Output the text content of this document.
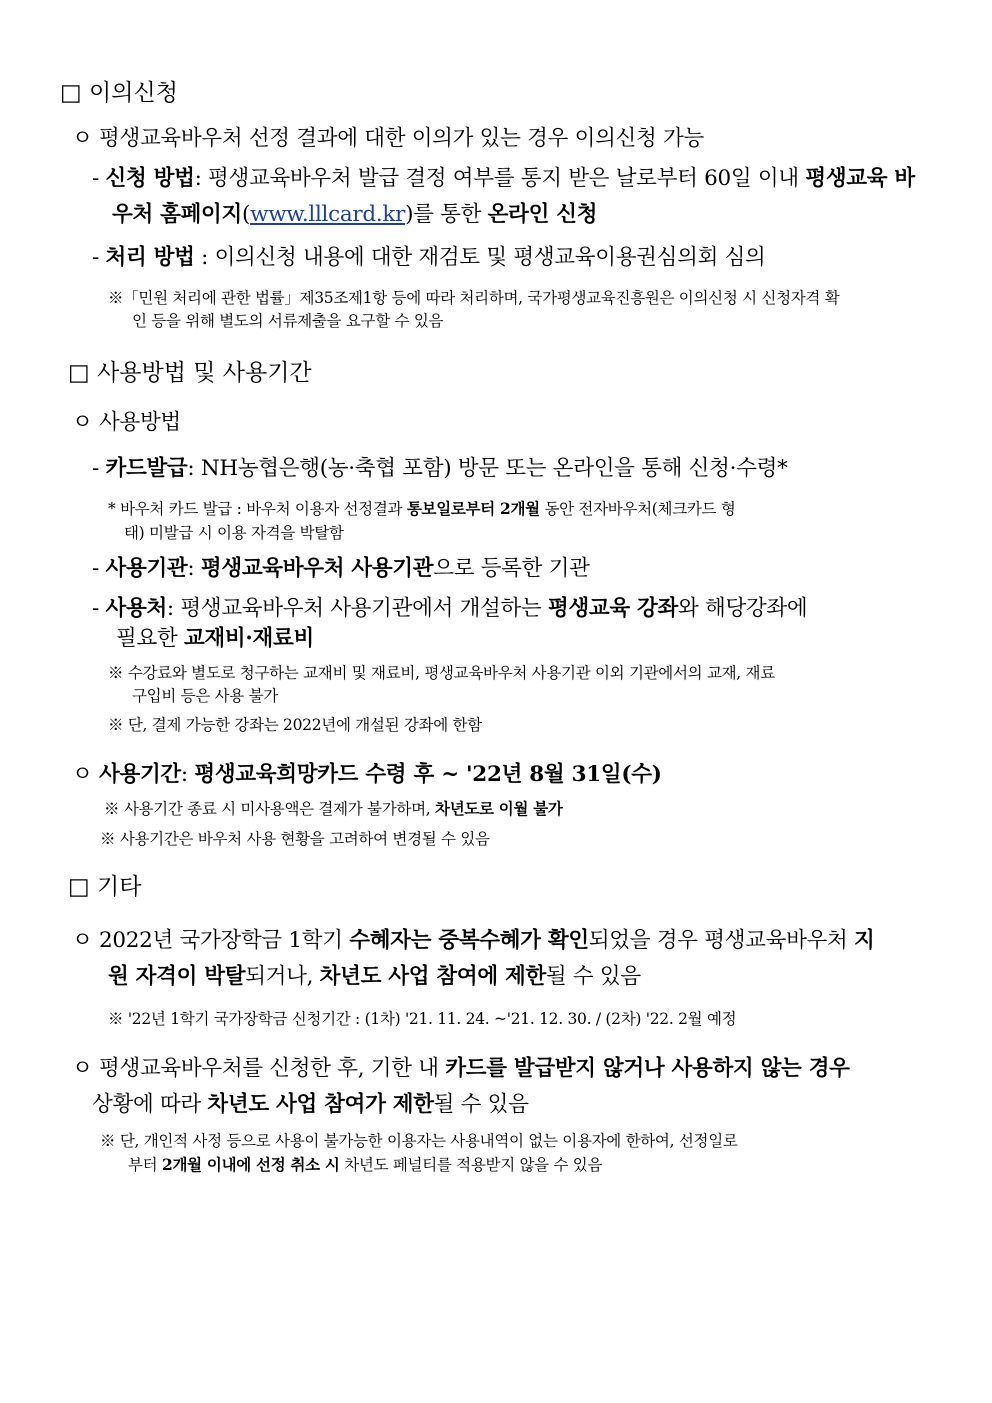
□ 이의신청
ㅇ 평생교육바우처 선정 결과에 대한 이의가 있는 경우 이의신청 가능
- 신청 방법: 평생교육바우처 발급 결정 여부를 통지 받은 날로부터 60일 이내 평생교육 바
우처 홈페이지(www.lllcard.kr)를 통한 온라인 신청
- 처리 방법 : 이의신청 내용에 대한 재검토 및 평생교육이용권심의회 심의
※「민원 처리에 관한 법률」제35조제1항 등에 따라 처리하며, 국가평생교육진흥원은 이의신청 시 신청자격 확
인 등을 위해 별도의 서류제출을 요구할 수 있음
□ 사용방법 및 사용기간
ㅇ 사용방법
- 카드발급: NH농협은행(농·축협 포함) 방문 또는 온라인을 통해 신청·수령*
* 바우처 카드 발급 : 바우처 이용자 선정결과 통보일로부터 2개월 동안 전자바우처(체크카드 형
태) 미발급 시 이용 자격을 박탈함
- 사용기관: 평생교육바우처 사용기관으로 등록한 기관
- 사용처: 평생교육바우처 사용기관에서 개설하는 평생교육 강좌와 해당강좌에
필요한 교재비·재료비
※ 수강료와 별도로 청구하는 교재비 및 재료비, 평생교육바우처 사용기관 이외 기관에서의 교재, 재료
구입비 등은 사용 불가
※ 단, 결제 가능한 강좌는 2022년에 개설된 강좌에 한함
ㅇ 사용기간: 평생교육희망카드 수령 후 ~ '22년 8월 31일(수)
※ 사용기간 종료 시 미사용액은 결제가 불가하며, 차년도로 이월 불가
※ 사용기간은 바우처 사용 현황을 고려하여 변경될 수 있음
□ 기타
ㅇ 2022년 국가장학금 1학기 수혜자는 중복수혜가 확인되었을 경우 평생교육바우처 지
원 자격이 박탈되거나, 차년도 사업 참여에 제한될 수 있음
※ '22년 1학기 국가장학금 신청기간 : (1차) '21. 11. 24. ~'21. 12. 30. / (2차) '22. 2월 예정
ㅇ 평생교육바우처를 신청한 후, 기한 내 카드를 발급받지 않거나 사용하지 않는 경우
상황에 따라 차년도 사업 참여가 제한될 수 있음
※ 단, 개인적 사정 등으로 사용이 불가능한 이용자는 사용내역이 없는 이용자에 한하여, 선정일로
부터 2개월 이내에 선정 취소 시 차년도 페널티를 적용받지 않을 수 있음
